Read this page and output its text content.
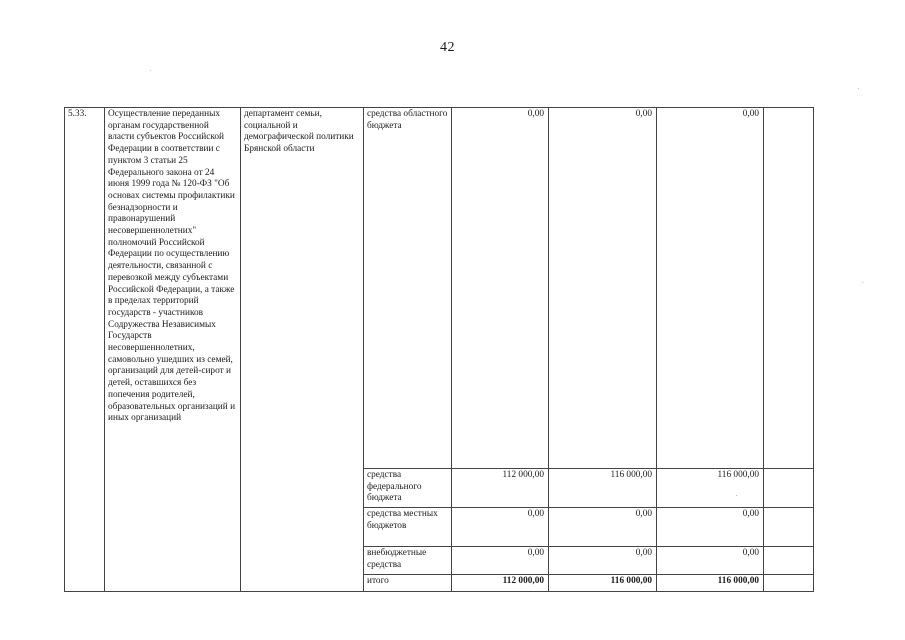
42
5.33.	Осуществление переданных органам государственной власти субъектов Российской Федерации в соответствии с пунктом 3 статьи 25 Федерального закона от 24 июня 1999 года № 120-ФЗ "Об основах системы профилактики безнадзорности и правонарушений несовершеннолетних" полномочий Российской Федерации по осуществлению деятельности, связанной с перевозкой между субъектами Российской Федерации, а также в пределах территорий государств - участников Содружества Независимых Государств несовершеннолетних, самовольно ушедших из семей, организаций для детей-сирот и детей, оставшихся без попечения родителей, образовательных организаций и иных организаций	департамент семьи, социальной и демографической политики Брянской области	средства областного бюджета	0,00	0,00	0,00	
			средства федерального бюджета	112 000,00	116 000,00	116 000,00	
			средства местных бюджетов	0,00	0,00	0,00	
			внебюджетные средства	0,00	0,00	0,00	
			итого	112 000,00	116 000,00	116 000,00	
